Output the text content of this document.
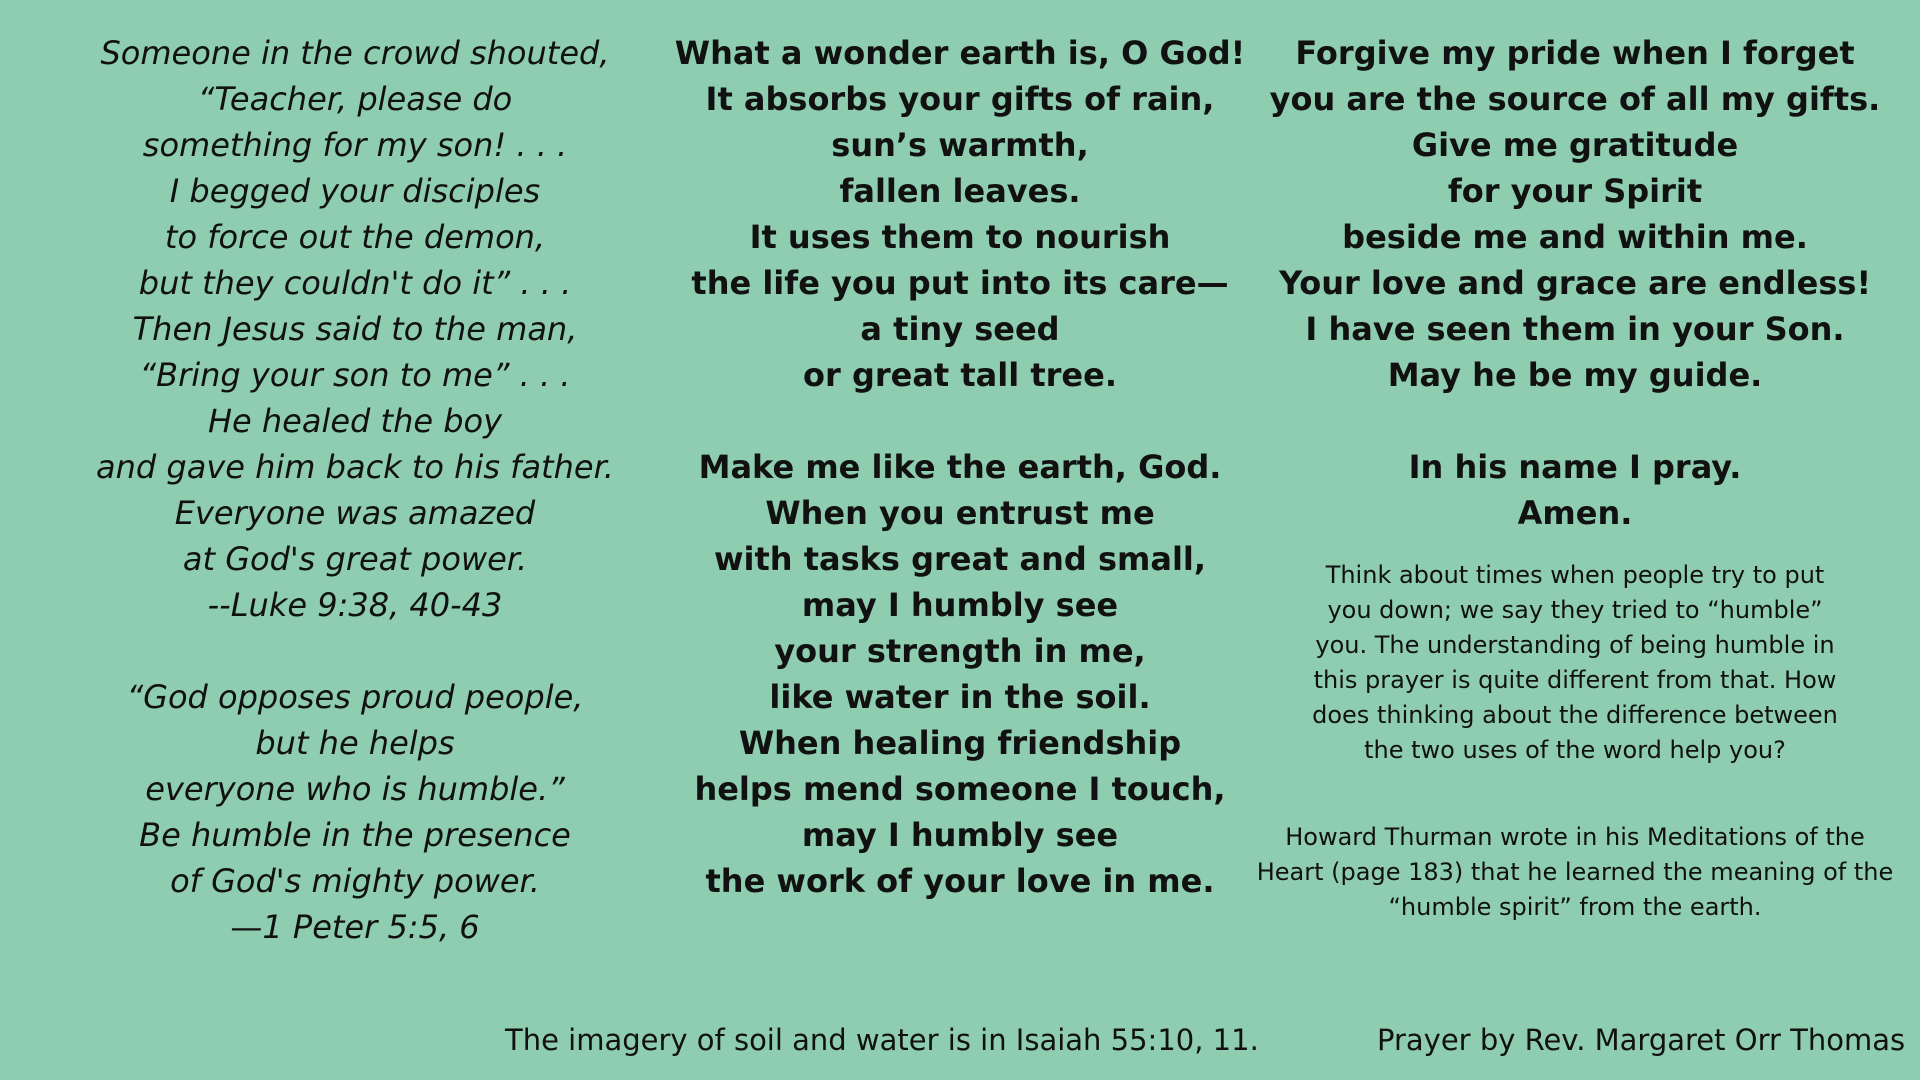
Someone in the crowd shouted,
“Teacher, please do
something for my son! . . .
I begged your disciples
to force out the demon,
but they couldn't do it” . . .
Then Jesus said to the man,
“Bring your son to me” . . .
He healed the boy
and gave him back to his father.
Everyone was amazed
at God's great power.
--Luke 9:38, 40-43
“God opposes proud people,
but he helps
everyone who is humble.”
Be humble in the presence
of God's mighty power.
—1 Peter 5:5, 6
What a wonder earth is, O God!
It absorbs your gifts of rain,
sun’s warmth,
fallen leaves.
It uses them to nourish
the life you put into its care—
a tiny seed
or great tall tree.
Make me like the earth, God.
When you entrust me
with tasks great and small,
may I humbly see
your strength in me,
like water in the soil.
When healing friendship
helps mend someone I touch,
may I humbly see
the work of your love in me.
Forgive my pride when I forget
you are the source of all my gifts.
Give me gratitude
for your Spirit
beside me and within me.
Your love and grace are endless!
I have seen them in your Son.
May he be my guide.
In his name I pray.
Amen.
Think about times when people try to put
you down; we say they tried to “humble”
you. The understanding of being humble in
this prayer is quite different from that. How
does thinking about the difference between
the two uses of the word help you?
Howard Thurman wrote in his Meditations of the
Heart (page 183) that he learned the meaning of the
“humble spirit” from the earth.
The imagery of soil and water is in Isaiah 55:10, 11.	Prayer by Rev. Margaret Orr Thomas
